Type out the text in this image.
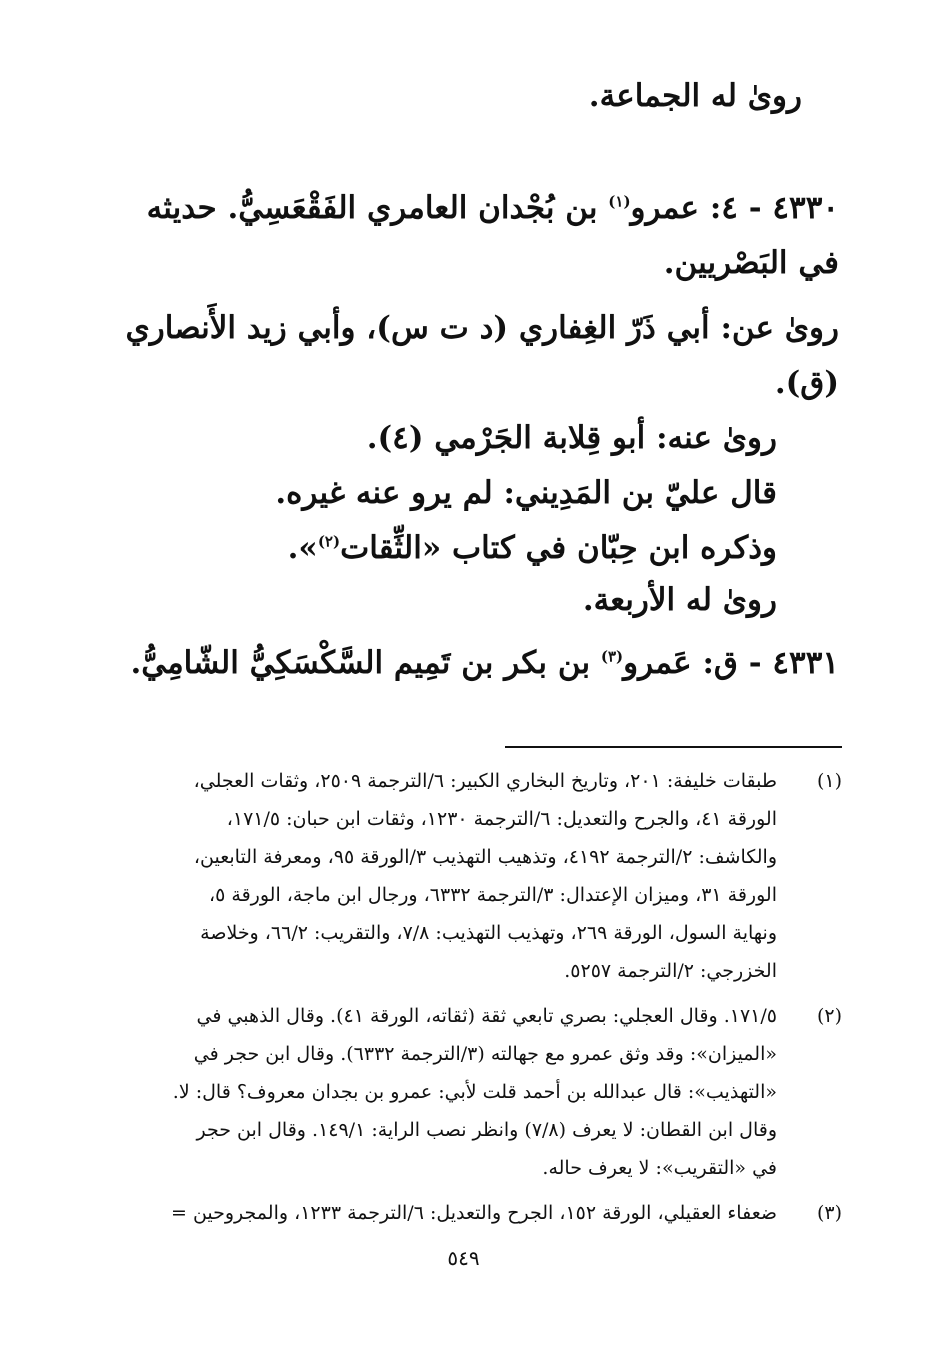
روىٰ له الجماعة.
٤٣٣٠ - ٤: عمرو$^{(١)}$ بن بُجْدان العامري الفَقْعَسِيُّ. حديثه
في البَصْريين.
روىٰ عن: أبي ذَرّ الغِفاري (د ت س)، وأبي زيد الأَنصاري
(ق).
روىٰ عنه: أبو قِلابة الجَرْمي (٤).
قال عليّ بن المَدِيني: لم يرو عنه غيره.
وذكره ابن حِبّان في كتاب «الثِّقات$^{(٢)}$».
روىٰ له الأربعة.
٤٣٣١ - ق: عَمرو$^{(٣)}$ بن بكر بن تَمِيم السَّكْسَكِيُّ الشّامِيُّ.
(١)
طبقات خليفة: ٢٠١، وتاريخ البخاري الكبير: ٦/الترجمة ٢٥٠٩، وثقات العجلي،
الورقة ٤١، والجرح والتعديل: ٦/الترجمة ١٢٣٠، وثقات ابن حبان: ١٧١/٥،
والكاشف: ٢/الترجمة ٤١٩٢، وتذهيب التهذيب ٣/الورقة ٩٥، ومعرفة التابعين،
الورقة ٣١، وميزان الإعتدال: ٣/الترجمة ٦٣٣٢، ورجال ابن ماجة، الورقة ٥،
ونهاية السول، الورقة ٢٦٩، وتهذيب التهذيب: ٧/٨، والتقريب: ٦٦/٢، وخلاصة
الخزرجي: ٢/الترجمة ٥٢٥٧.
(٢)
١٧١/٥. وقال العجلي: بصري تابعي ثقة (ثقاته، الورقة ٤١). وقال الذهبي في
«الميزان»: وقد وثق عمرو مع جهالته (٣/الترجمة ٦٣٣٢). وقال ابن حجر في
«التهذيب»: قال عبدالله بن أحمد قلت لأبي: عمرو بن بجدان معروف؟ قال: لا.
وقال ابن القطان: لا يعرف (٧/٨) وانظر نصب الراية: ١٤٩/١. وقال ابن حجر
في «التقريب»: لا يعرف حاله.
(٣)
ضعفاء العقيلي، الورقة ١٥٢، الجرح والتعديل: ٦/الترجمة ١٢٣٣، والمجروحين =
٥٤٩
